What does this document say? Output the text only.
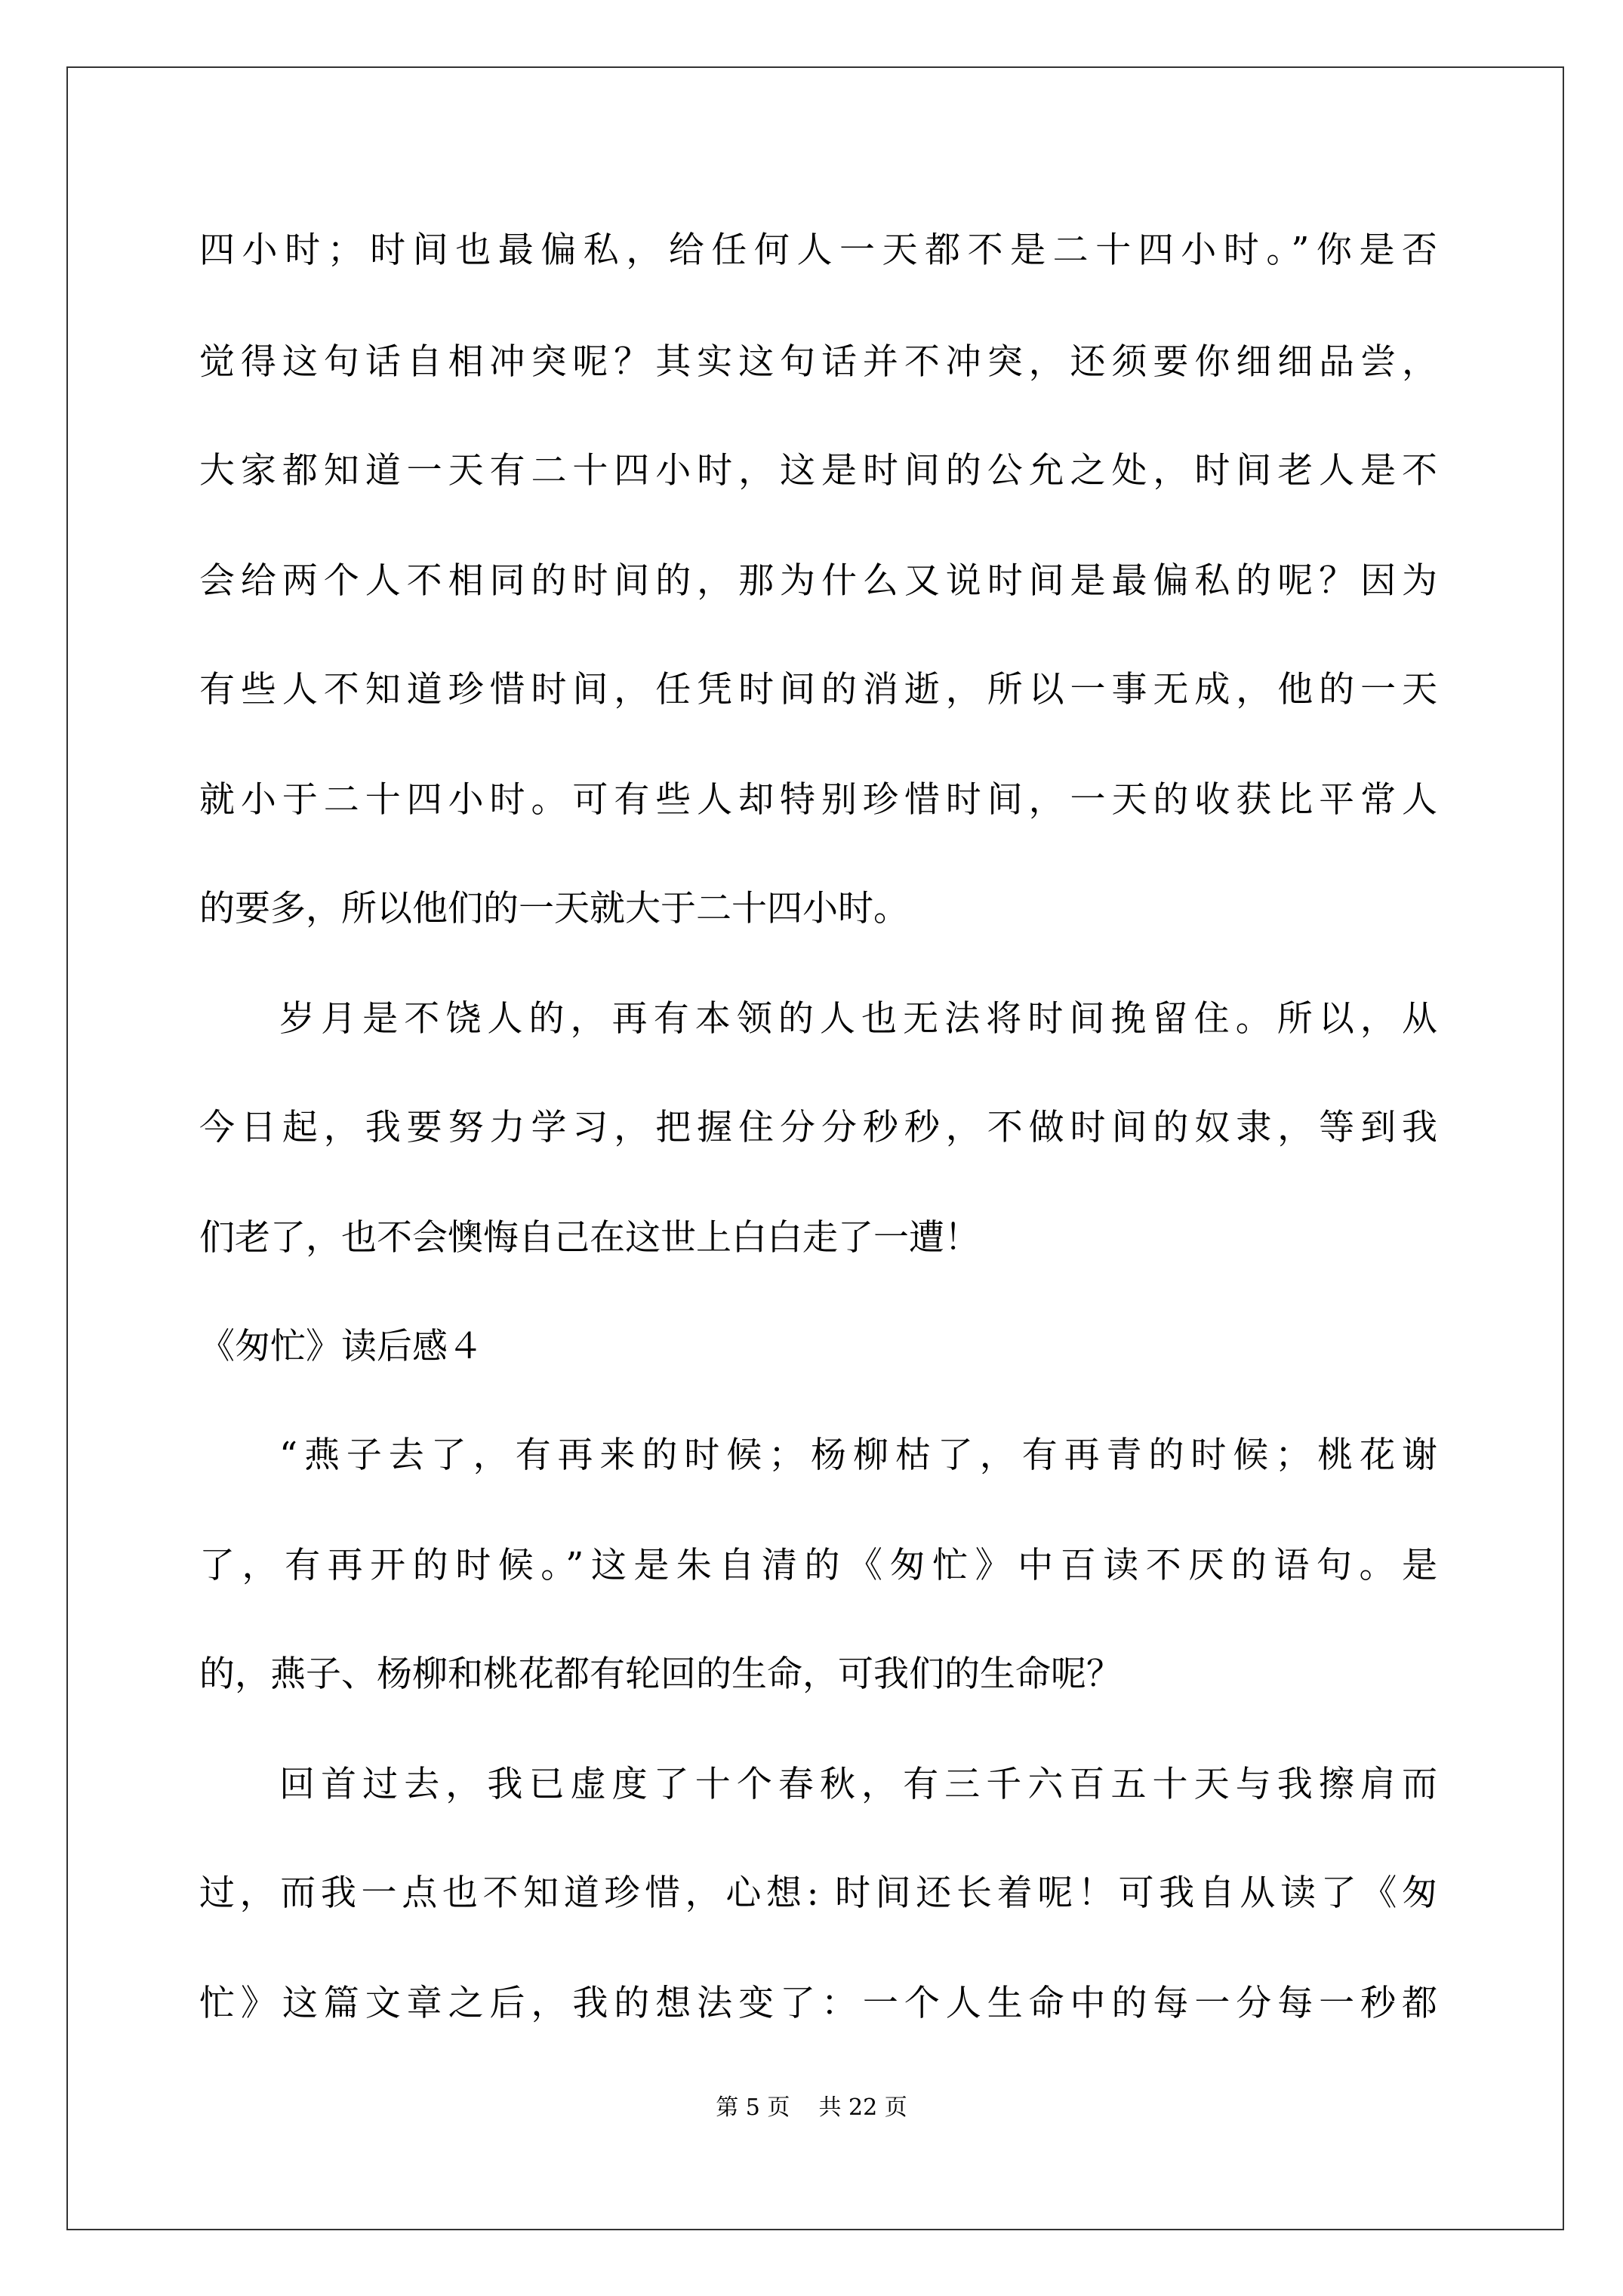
四小时；时间也最偏私，给任何人一天都不是二十四小时。”你是否
觉得这句话自相冲突呢？其实这句话并不冲突，还须要你细细品尝，
大家都知道一天有二十四小时，这是时间的公允之处，时间老人是不
会给两个人不相同的时间的，那为什么又说时间是最偏私的呢？因为
有些人不知道珍惜时间，任凭时间的消逝，所以一事无成，他的一天
就小于二十四小时。可有些人却特别珍惜时间，一天的收获比平常人
的要多，所以他们的一天就大于二十四小时。
岁月是不饶人的，再有本领的人也无法将时间挽留住。所以，从
今日起，我要努力学习，把握住分分秒秒，不做时间的奴隶，等到我
们老了，也不会懊悔自己在这世上白白走了一遭！
《匆忙》读后感４
“燕子去了，有再来的时候；杨柳枯了，有再青的时候；桃花谢
了，有再开的时候。”这是朱自清的《匆忙》中百读不厌的语句。是
的，燕子、杨柳和桃花都有轮回的生命，可我们的生命呢？
回首过去，我已虚度了十个春秋，有三千六百五十天与我擦肩而
过，而我一点也不知道珍惜，心想: 时间还长着呢！可我自从读了《匆
忙》这篇文章之后，我的想法变了：一个人生命中的每一分每一秒都
第 5 页    共 22 页
